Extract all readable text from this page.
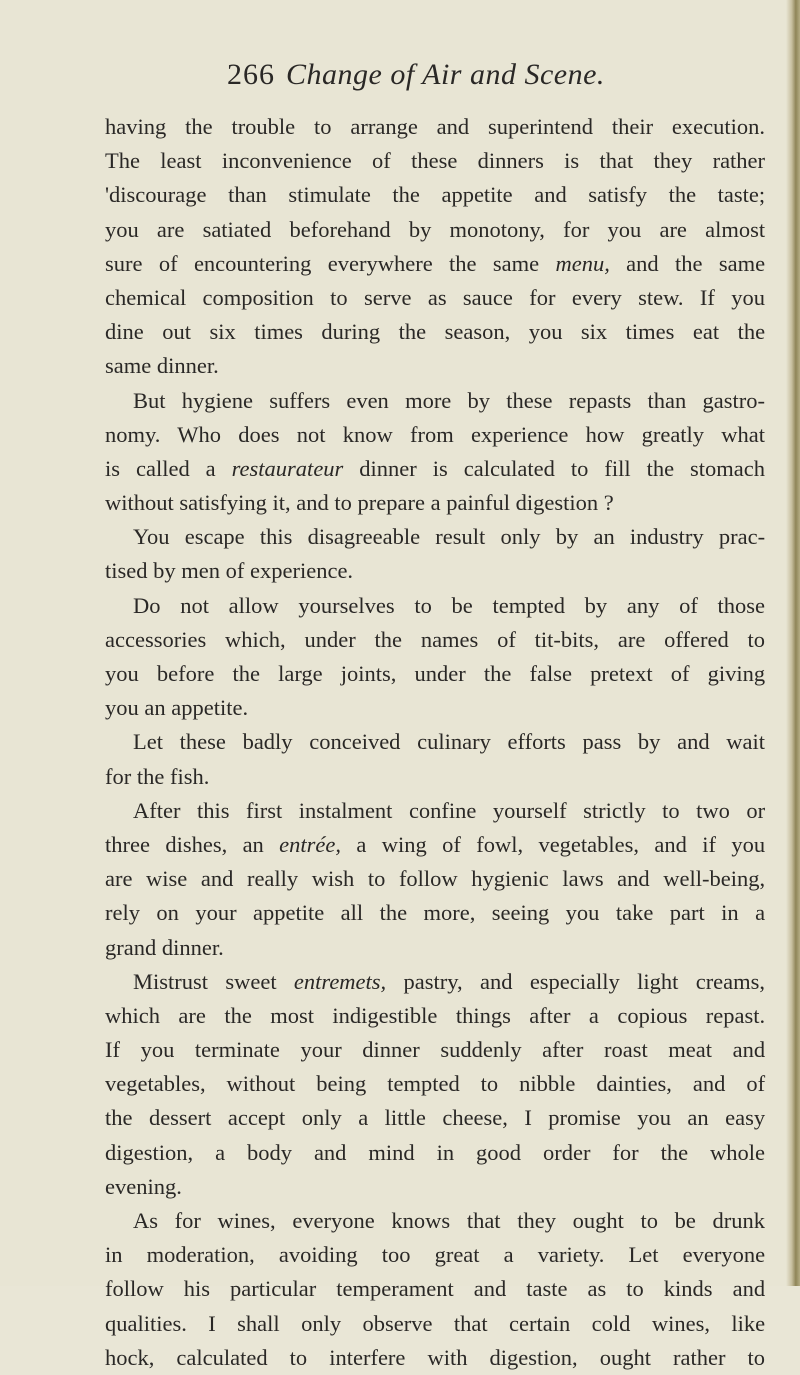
266 Change of Air and Scene.
having the trouble to arrange and superintend their execution.
The least inconvenience of these dinners is that they rather
'discourage than stimulate the appetite and satisfy the taste;
you are satiated beforehand by monotony, for you are almost
sure of encountering everywhere the same menu, and the same
chemical composition to serve as sauce for every stew. If you
dine out six times during the season, you six times eat the
same dinner.
But hygiene suffers even more by these repasts than gastro-
nomy. Who does not know from experience how greatly what
is called a restaurateur dinner is calculated to fill the stomach
without satisfying it, and to prepare a painful digestion ?
You escape this disagreeable result only by an industry prac-
tised by men of experience.
Do not allow yourselves to be tempted by any of those
accessories which, under the names of tit-bits, are offered to
you before the large joints, under the false pretext of giving
you an appetite.
Let these badly conceived culinary efforts pass by and wait
for the fish.
After this first instalment confine yourself strictly to two or
three dishes, an entrée, a wing of fowl, vegetables, and if you
are wise and really wish to follow hygienic laws and well-being,
rely on your appetite all the more, seeing you take part in a
grand dinner.
Mistrust sweet entremets, pastry, and especially light creams,
which are the most indigestible things after a copious repast.
If you terminate your dinner suddenly after roast meat and
vegetables, without being tempted to nibble dainties, and of
the dessert accept only a little cheese, I promise you an easy
digestion, a body and mind in good order for the whole
evening.
As for wines, everyone knows that they ought to be drunk
in moderation, avoiding too great a variety. Let everyone
follow his particular temperament and taste as to kinds and
qualities. I shall only observe that certain cold wines, like
hock, calculated to interfere with digestion, ought rather to
